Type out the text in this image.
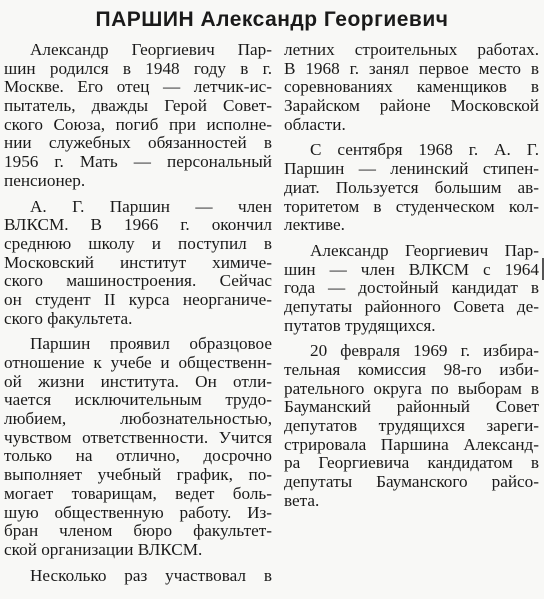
ПАРШИН Александр Георгиевич
Александр Георгиевич Пар-
шин родился в 1948 году в г.
Москве. Его отец — летчик-ис-
пытатель, дважды Герой Совет-
ского Союза, погиб при исполне-
нии служебных обязанностей в
1956 г. Мать — персональный
пенсионер.
А. Г. Паршин — член
ВЛКСМ. В 1966 г. окончил
среднюю школу и поступил в
Московский институт химиче-
ского машиностроения. Сейчас
он студент II курса неорганиче-
ского факультета.
Паршин проявил образцовое
отношение к учебе и общественн-
ой жизни института. Он отли-
чается исключительным трудо-
любием, любознательностью,
чувством ответственности. Учится
только на отлично, досрочно
выполняет учебный график, по-
могает товарищам, ведет боль-
шую общественную работу. Из-
бран членом бюро факультет-
ской организации ВЛКСМ.
Несколько раз участвовал в
летних строительных работах.
В 1968 г. занял первое место в
соревнованиях каменщиков в
Зарайском районе Московской
области.
С сентября 1968 г. А. Г.
Паршин — ленинский стипен-
диат. Пользуется большим ав-
торитетом в студенческом кол-
лективе.
Александр Георгиевич Пар-
шин — член ВЛКСМ с 1964
года — достойный кандидат в
депутаты районного Совета де-
путатов трудящихся.
20 февраля 1969 г. избира-
тельная комиссия 98-го изби-
рательного округа по выборам в
Бауманский районный Совет
депутатов трудящихся зареги-
стрировала Паршина Александ-
ра Георгиевича кандидатом в
депутаты Бауманского райсо-
вета.
